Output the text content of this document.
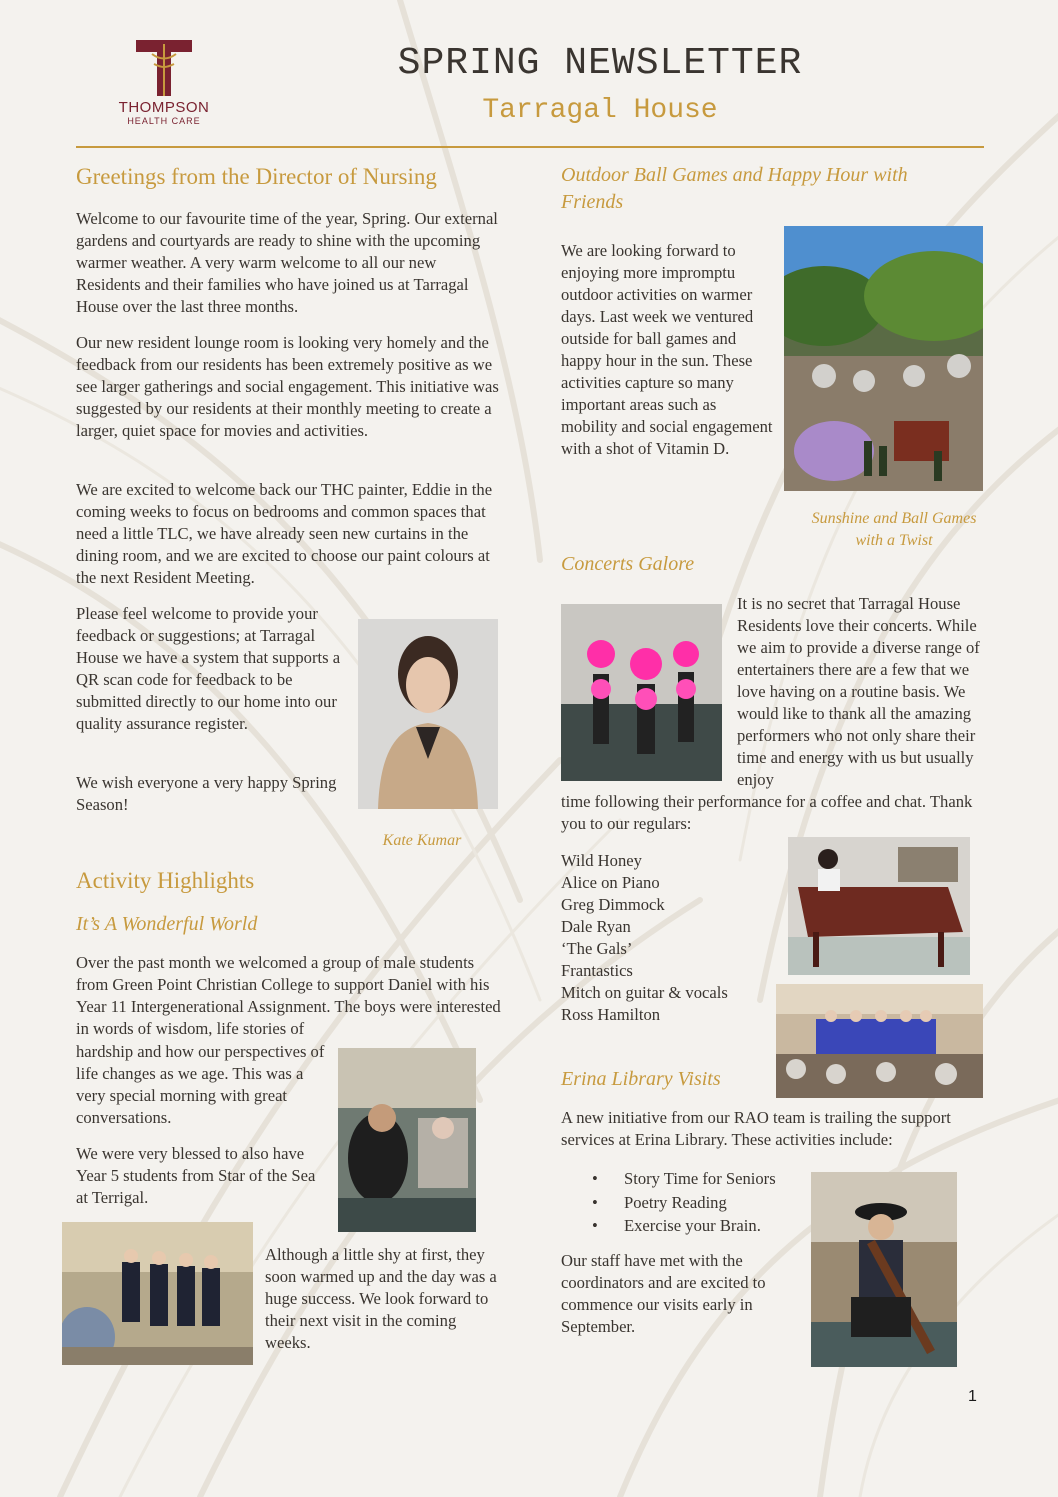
THOMPSON
HEALTH CARE
SPRING NEWSLETTER
Tarragal House
Greetings from the Director of Nursing

Welcome to our favourite time of the year, Spring. Our external gardens and courtyards are ready to shine with the upcoming warmer weather. A very warm welcome to all our new Residents and their families who have joined us at Tarragal House over the last three months.

Our new resident lounge room is looking very homely and the feedback from our residents has been extremely positive as we see larger gatherings and social engagement. This initiative was suggested by our residents at their monthly meeting to create a larger, quiet space for movies and activities.

We are excited to welcome back our THC painter, Eddie in the coming weeks to focus on bedrooms and common spaces that need a little TLC, we have already seen new curtains in the dining room, and we are excited to choose our paint colours at the next Resident Meeting.

Please feel welcome to provide your feedback or suggestions; at Tarragal House we have a system that supports a QR scan code for feedback to be submitted directly to our home into our quality assurance register.

We wish everyone a very happy Spring Season!

Kate Kumar
Activity Highlights
It’s A Wonderful World

Over the past month we welcomed a group of male students from Green Point Christian College to support Daniel with his Year 11 Intergenerational Assignment. The boys were interested in words of wisdom, life stories of

hardship and how our perspectives of life changes as we age. This was a very special morning with great conversations.

We were very blessed to also have Year 5 students from Star of the Sea at Terrigal.

Although a little shy at first, they soon warmed up and the day was a huge success. We look forward to their next visit in the coming weeks.

Outdoor Ball Games and Happy Hour with Friends

We are looking forward to enjoying more impromptu outdoor activities on warmer days. Last week we ventured outside for ball games and happy hour in the sun. These activities capture so many important areas such as mobility and social engagement with a shot of Vitamin D.

Sunshine and Ball Games with a Twist
Concerts Galore

It is no secret that Tarragal House Residents love their concerts. While we aim to provide a diverse range of entertainers there are a few that we love having on a routine basis. We would like to thank all the amazing performers who not only share their time and energy with us but usually enjoy

time following their performance for a coffee and chat. Thank you to our regulars:

Wild Honey
Alice on Piano
Greg Dimmock
Dale Ryan
‘The Gals’
Frantastics
Mitch on guitar & vocals
Ross Hamilton
Erina Library Visits

A new initiative from our RAO team is trailing the support services at Erina Library. These activities include:

• Story Time for Seniors
• Poetry Reading
• Exercise your Brain.

Our staff have met with the coordinators and are excited to commence our visits early in September.

1
